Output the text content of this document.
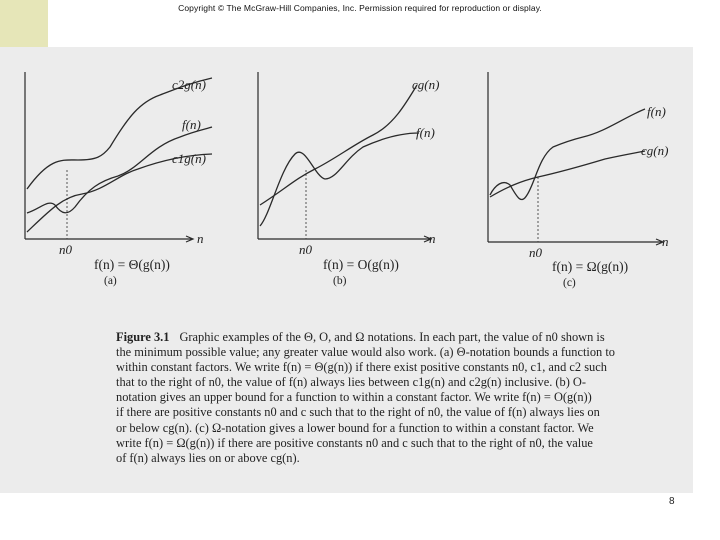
Copyright © The McGraw-Hill Companies, Inc. Permission required for reproduction or display.
c2g(n)
f(n)
c1g(n)
n
n0
f(n) = Θ(g(n))
(a)
cg(n)
f(n)
n
n0
f(n) = O(g(n))
(b)
f(n)
cg(n)
n
n0
f(n) = Ω(g(n))
(c)
Figure 3.1 Graphic examples of the Θ, O, and Ω notations. In each part, the value of n0 shown is
the minimum possible value; any greater value would also work. (a) Θ-notation bounds a function to
within constant factors. We write f(n) = Θ(g(n)) if there exist positive constants n0, c1, and c2 such
that to the right of n0, the value of f(n) always lies between c1g(n) and c2g(n) inclusive. (b) O-
notation gives an upper bound for a function to within a constant factor. We write f(n) = O(g(n))
if there are positive constants n0 and c such that to the right of n0, the value of f(n) always lies on
or below cg(n). (c) Ω-notation gives a lower bound for a function to within a constant factor. We
write f(n) = Ω(g(n)) if there are positive constants n0 and c such that to the right of n0, the value
of f(n) always lies on or above cg(n).
8
